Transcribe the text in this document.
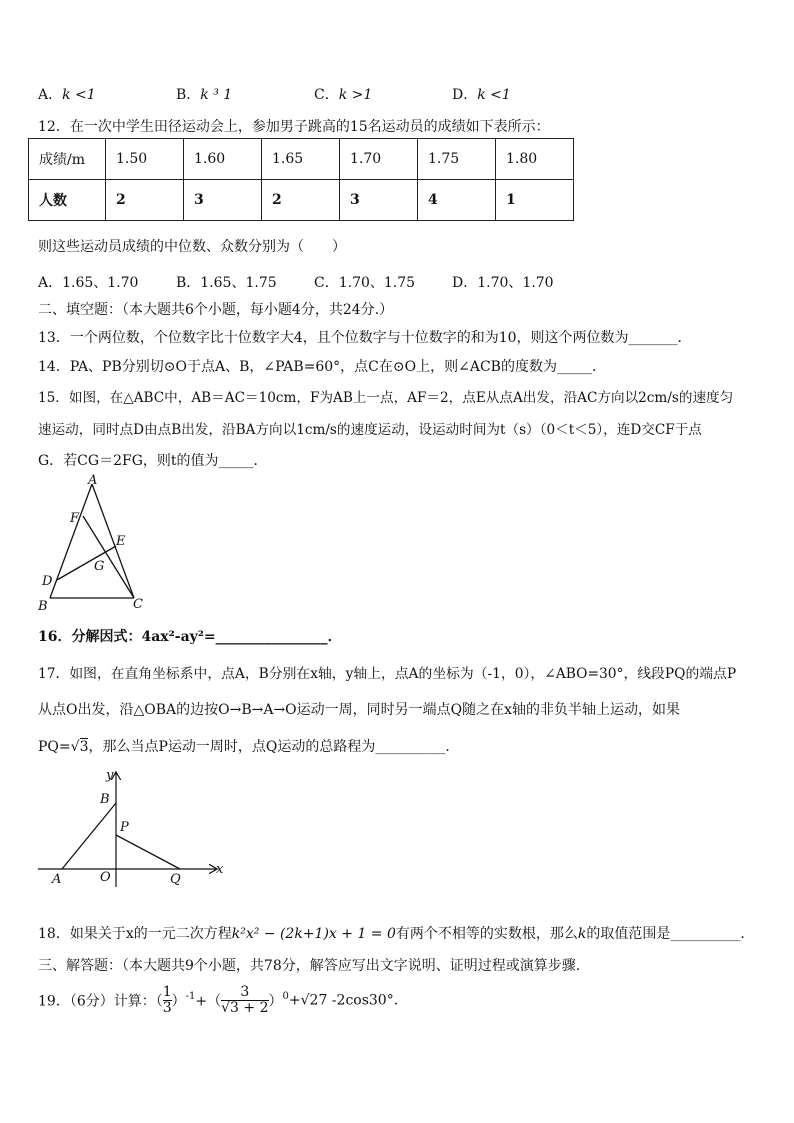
A．k <1	B．k ³ 1	C．k >1	D．k <1
12．在一次中学生田径运动会上，参加男子跳高的15名运动员的成绩如下表所示：
成绩/m	1.50	1.60	1.65	1.70	1.75	1.80
人数	2	3	2	3	4	1
则这些运动员成绩的中位数、众数分别为（　　）
A．1.65、1.70	B．1.65、1.75	C．1.70、1.75	D．1.70、1.70
二、填空题：（本大题共6个小题，每小题4分，共24分.）
13．一个两位数，个位数字比十位数字大4，且个位数字与十位数字的和为10，则这个两位数为_______．
14．PA、PB分别切⊙O于点A、B，∠PAB=60°，点C在⊙O上，则∠ACB的度数为_____．
15．如图，在△ABC中，AB＝AC＝10cm，F为AB上一点，AF＝2，点E从点A出发，沿AC方向以2cm/s的速度匀
速运动，同时点D由点B出发，沿BA方向以1cm/s的速度运动，设运动时间为t（s）（0＜t＜5），连D交CF于点
G．若CG＝2FG，则t的值为_____．
A
F
E
G
D
B	C
16．分解因式：4ax²-ay²=________________．
17．如图，在直角坐标系中，点A，B分别在x轴，y轴上，点A的坐标为（-1，0），∠ABO=30°，线段PQ的端点P
从点O出发，沿△OBA的边按O→B→A→O运动一周，同时另一端点Q随之在x轴的非负半轴上运动，如果
PQ=√3，那么当点P运动一周时，点Q运动的总路程为__________．
y
B
P
A	O	Q
x
18．如果关于x的一元二次方程k²x² − (2k+1)x + 1 = 0有两个不相等的实数根，那么k的取值范围是__________．
三、解答题：（本大题共9个小题，共78分，解答应写出文字说明、证明过程或演算步骤.
19．（6分）计算：（ $\frac{1}{3} )^{-1}+( \frac{3}{√3 + 2} )^0+√27$ -2cos30°.
